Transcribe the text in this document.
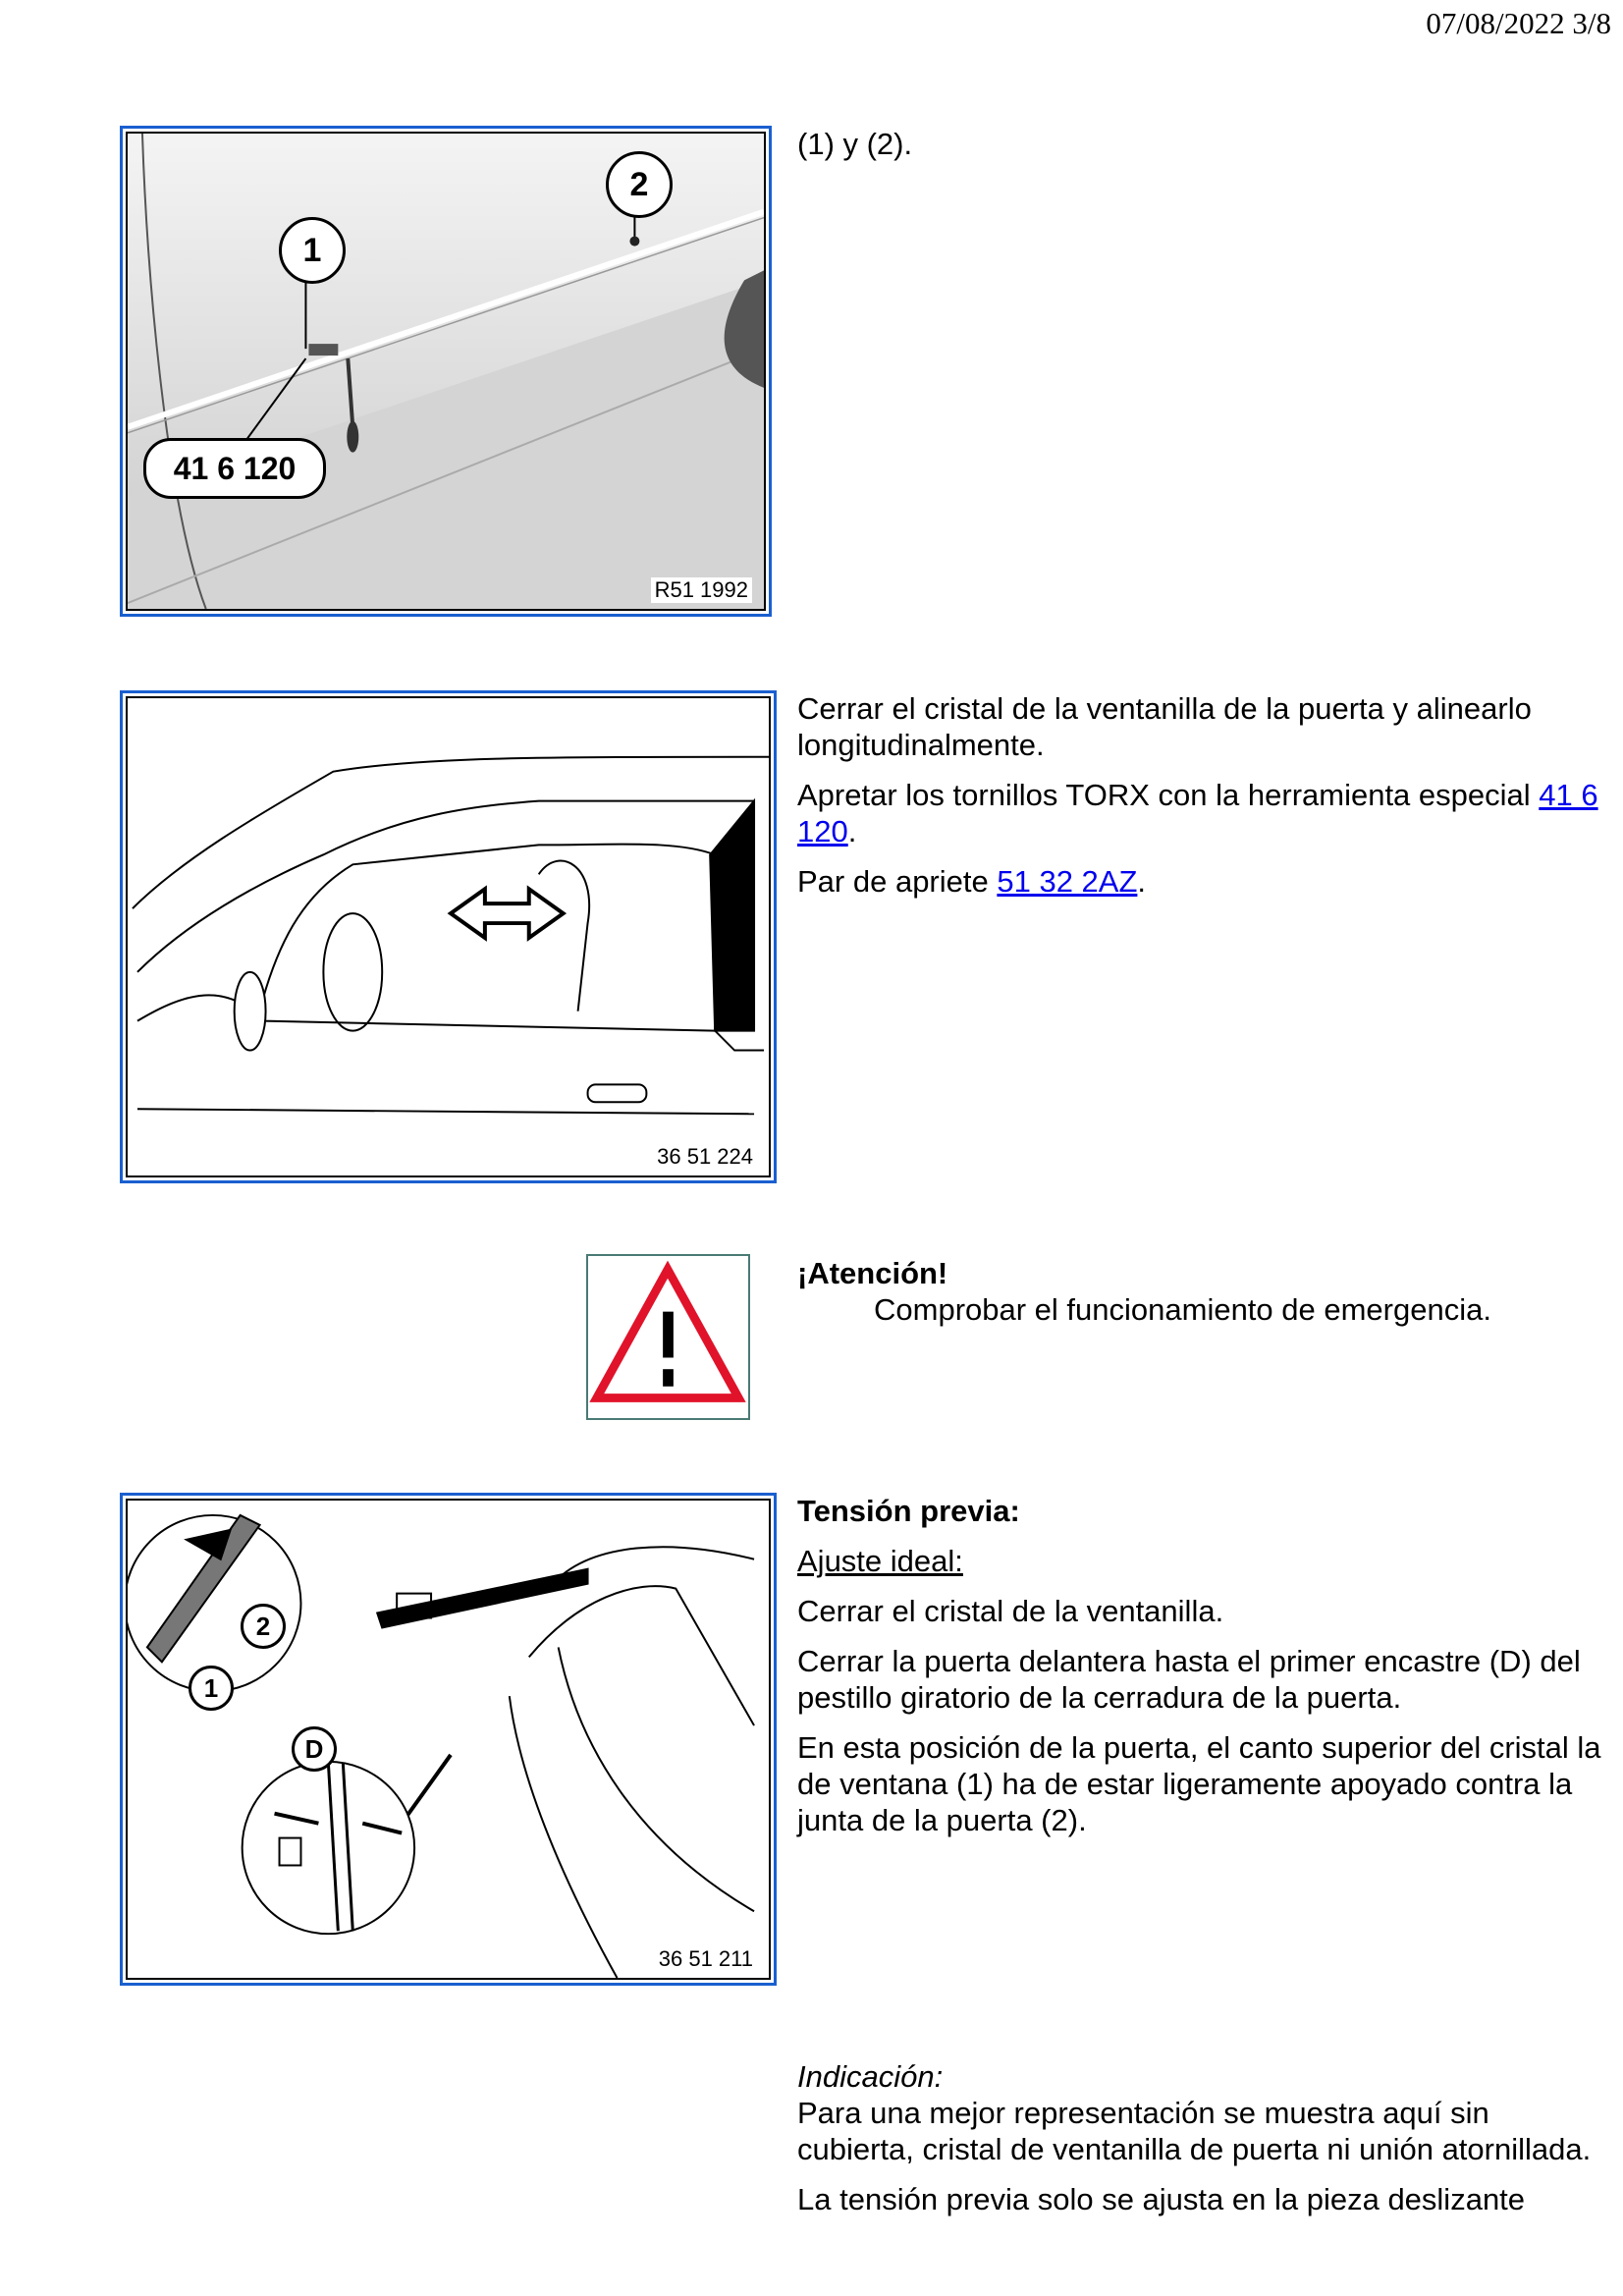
07/08/2022 3/8
1
2
41 6 120
R51 1992

(1) y (2).

36 51 224

Cerrar el cristal de la ventanilla de la puerta y alinearlo longitudinalmente.

Apretar los tornillos TORX con la herramienta especial 41 6 120.

Par de apriete 51 32 2AZ.

¡Atención!
Comprobar el funcionamiento de emergencia.
2
1
D
36 51 211

Tensión previa:

Ajuste ideal:

Cerrar el cristal de la ventanilla.

Cerrar la puerta delantera hasta el primer encastre (D) del pestillo giratorio de la cerradura de la puerta.

En esta posición de la puerta, el canto superior del cristal la de ventana (1) ha de estar ligeramente apoyado contra la junta de la puerta (2).

Indicación:

Para una mejor representación se muestra aquí sin cubierta, cristal de ventanilla de puerta ni unión atornillada.

La tensión previa solo se ajusta en la pieza deslizante
